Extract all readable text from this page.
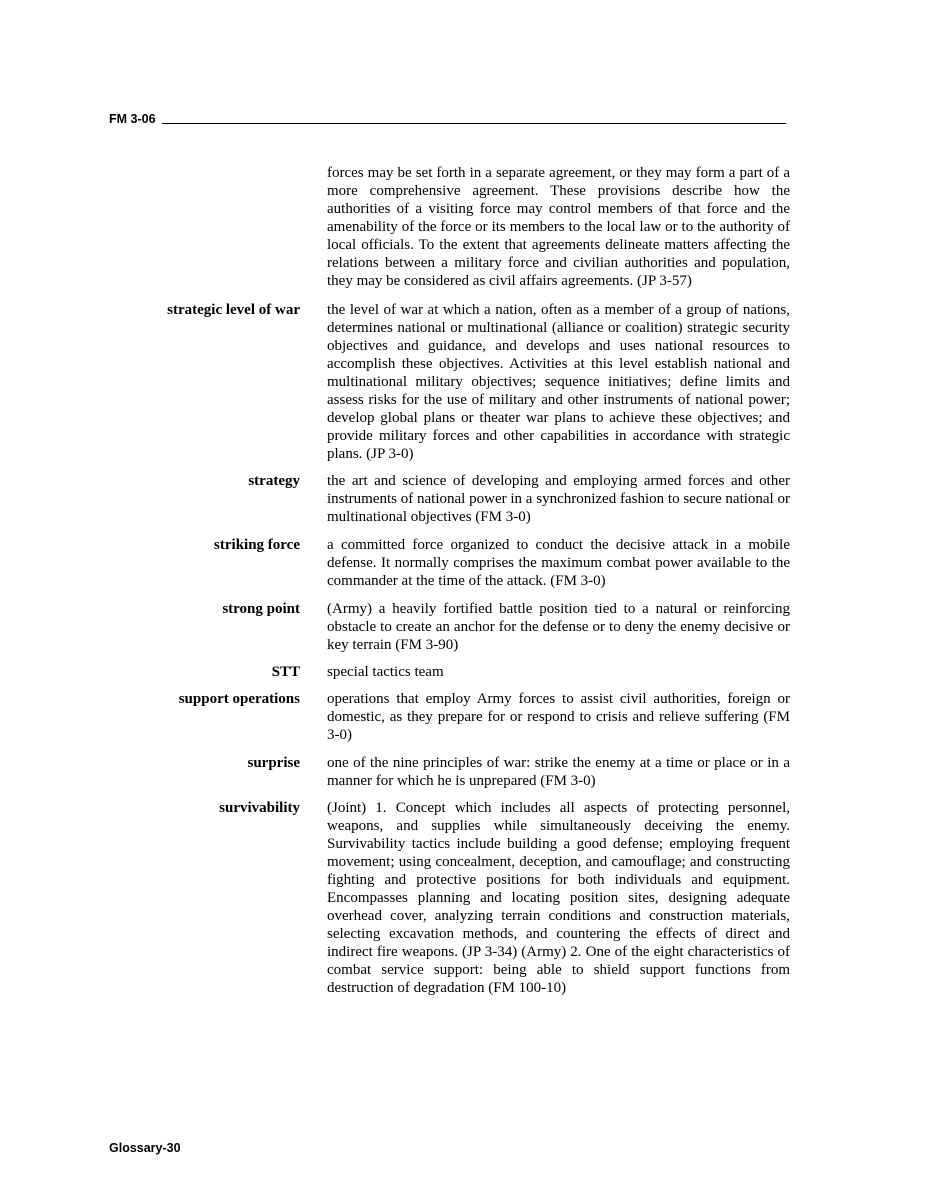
FM 3-06
forces may be set forth in a separate agreement, or they may form a part of a more comprehensive agreement. These provisions describe how the authorities of a visiting force may control members of that force and the amenability of the force or its members to the local law or to the authority of local officials. To the extent that agreements delineate matters affecting the relations between a military force and civilian authorities and population, they may be considered as civil affairs agreements. (JP 3-57)
strategic level of war the level of war at which a nation, often as a member of a group of nations, determines national or multinational (alliance or coalition) strategic security objectives and guidance, and develops and uses national resources to accomplish these objectives. Activities at this level establish national and multinational military objectives; sequence initiatives; define limits and assess risks for the use of military and other instruments of national power; develop global plans or theater war plans to achieve these objectives; and provide military forces and other capabilities in accordance with strategic plans. (JP 3-0)
strategy the art and science of developing and employing armed forces and other instruments of national power in a synchronized fashion to secure national or multinational objectives (FM 3-0)
striking force a committed force organized to conduct the decisive attack in a mobile defense. It normally comprises the maximum combat power available to the commander at the time of the attack. (FM 3-0)
strong point (Army) a heavily fortified battle position tied to a natural or reinforcing obstacle to create an anchor for the defense or to deny the enemy decisive or key terrain (FM 3-90)
STT special tactics team
support operations operations that employ Army forces to assist civil authorities, foreign or domestic, as they prepare for or respond to crisis and relieve suffering (FM 3-0)
surprise one of the nine principles of war: strike the enemy at a time or place or in a manner for which he is unprepared (FM 3-0)
survivability (Joint) 1. Concept which includes all aspects of protecting personnel, weapons, and supplies while simultaneously deceiving the enemy. Survivability tactics include building a good defense; employing frequent movement; using concealment, deception, and camouflage; and constructing fighting and protective positions for both individuals and equipment. Encompasses planning and locating position sites, designing adequate overhead cover, analyzing terrain conditions and construction materials, selecting excavation methods, and countering the effects of direct and indirect fire weapons. (JP 3-34) (Army) 2. One of the eight characteristics of combat service support: being able to shield support functions from destruction of degradation (FM 100-10)
Glossary-30
